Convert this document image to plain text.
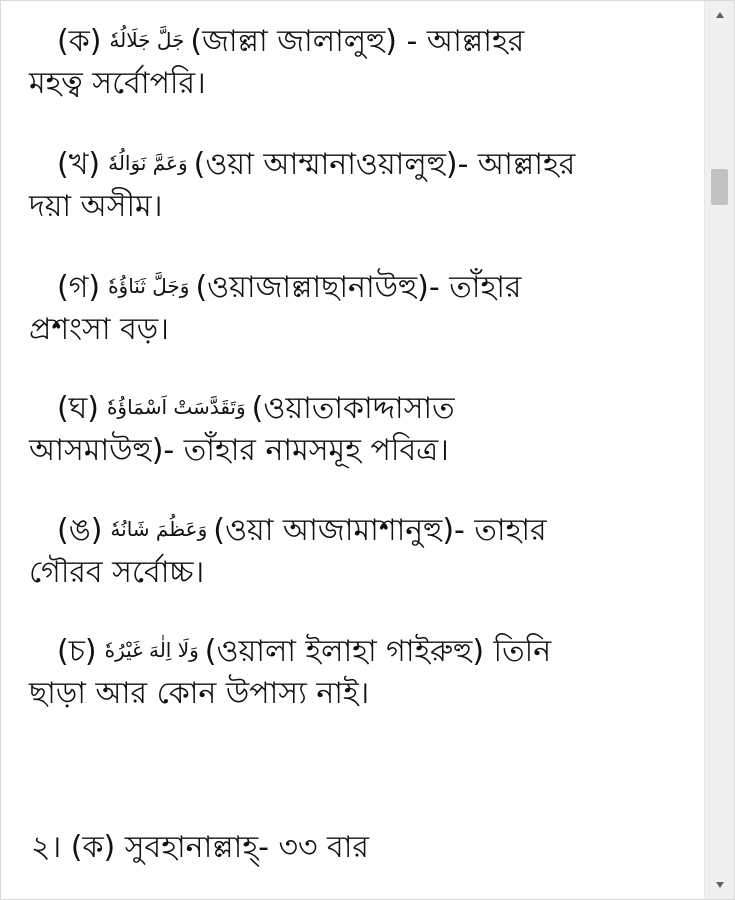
(ক) جَلَّ جَلَالُهٗ (জাল্লা জালালুহু) - আল্লাহর
মহত্ব সর্বোপরি।
(খ) وَعَمَّ نَوَالُهٗ (ওয়া আম্মানাওয়ালুহু)- আল্লাহর
দয়া অসীম।
(গ) وَجَلَّ ثَنَاؤُهٗ (ওয়াজাল্লাছানাউহু)- তাঁহার
প্রশংসা বড়।
(ঘ) وَتَقَدَّسَتْ اَسْمَاؤُهٗ (ওয়াতাকাদ্দাসাত
আসমাউহু)- তাঁহার নামসমূহ পবিত্র।
(ঙ) وَعَظُمَ شَانُهٗ (ওয়া আজামাশানুহু)- তাহার
গৌরব সর্বোচ্চ।
(চ) وَلَا اِلٰهَ غَيْرُهٗ (ওয়ালা ইলাহা গাইরুহু) তিনি
ছাড়া আর কোন উপাস্য নাই।
২। (ক) সুবহানাল্লাহ্- ৩৩ বার
